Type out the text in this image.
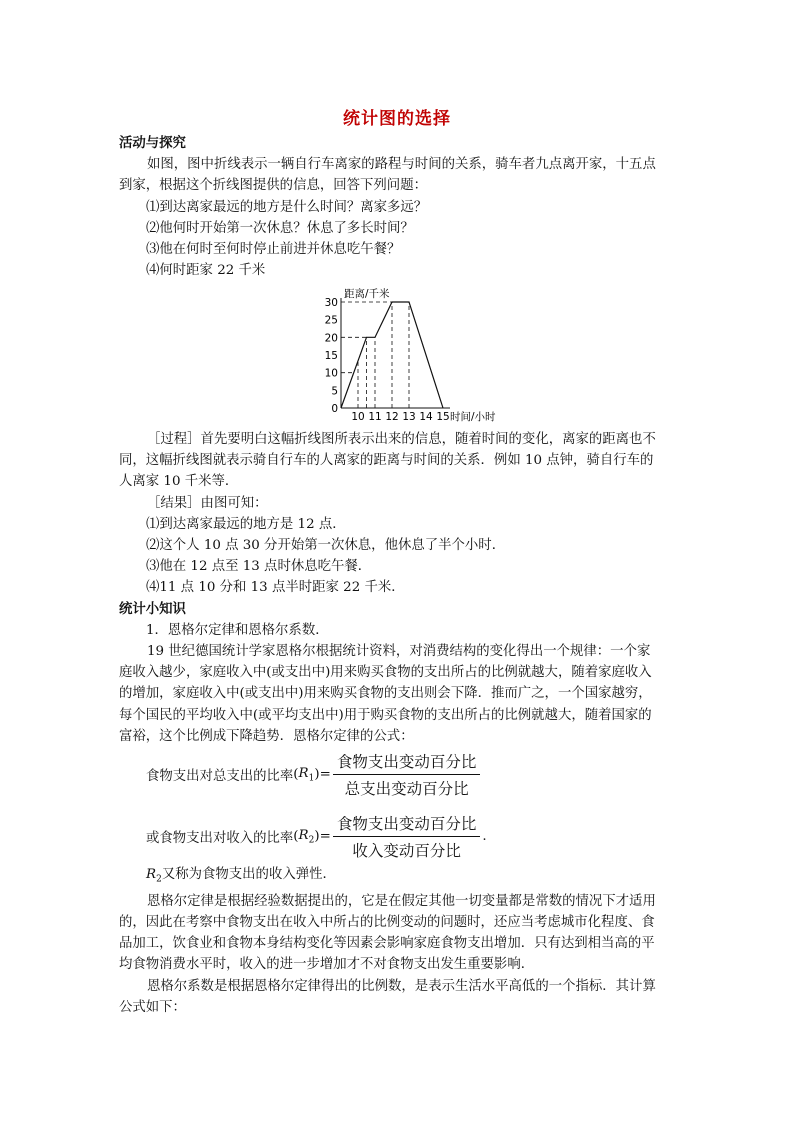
统计图的选择
活动与探究
如图，图中折线表示一辆自行车离家的路程与时间的关系，骑车者九点离开家，十五点
到家，根据这个折线图提供的信息，回答下列问题：
⑴到达离家最远的地方是什么时间？离家多远？
⑵他何时开始第一次休息？休息了多长时间？
⑶他在何时至何时停止前进并休息吃午餐？
⑷何时距家 22 千米
0
5
10
15
20
25
30
10 11 12 13 14 15
距离/千米
时间/小时
［过程］首先要明白这幅折线图所表示出来的信息，随着时间的变化，离家的距离也不
同，这幅折线图就表示骑自行车的人离家的距离与时间的关系．例如 10 点钟，骑自行车的
人离家 10 千米等．
［结果］由图可知：
⑴到达离家最远的地方是 12 点．
⑵这个人 10 点 30 分开始第一次休息，他休息了半个小时．
⑶他在 12 点至 13 点时休息吃午餐．
⑷11 点 10 分和 13 点半时距家 22 千米．
统计小知识
1．恩格尔定律和恩格尔系数．
19 世纪德国统计学家恩格尔根据统计资料，对消费结构的变化得出一个规律：一个家
庭收入越少，家庭收入中(或支出中)用来购买食物的支出所占的比例就越大，随着家庭收入
的增加，家庭收入中(或支出中)用来购买食物的支出则会下降．推而广之，一个国家越穷，
每个国民的平均收入中(或平均支出中)用于购买食物的支出所占的比例就越大，随着国家的
富裕，这个比例成下降趋势．恩格尔定律的公式：
食物支出对总支出的比率 ( $R_1$ ) = $\frac{\text{食物支出变动百分比}}{\text{总支出变动百分比}}$
或食物支出对收入的比率 ( $R_2$ ) = $\frac{\text{食物支出变动百分比}}{\text{收入变动百分比}}$ .
$R_2$又称为食物支出的收入弹性．
恩格尔定律是根据经验数据提出的，它是在假定其他一切变量都是常数的情况下才适用
的，因此在考察中食物支出在收入中所占的比例变动的问题时，还应当考虑城市化程度、食
品加工，饮食业和食物本身结构变化等因素会影响家庭食物支出增加．只有达到相当高的平
均食物消费水平时，收入的进一步增加才不对食物支出发生重要影响．
恩格尔系数是根据恩格尔定律得出的比例数，是表示生活水平高低的一个指标．其计算
公式如下：
